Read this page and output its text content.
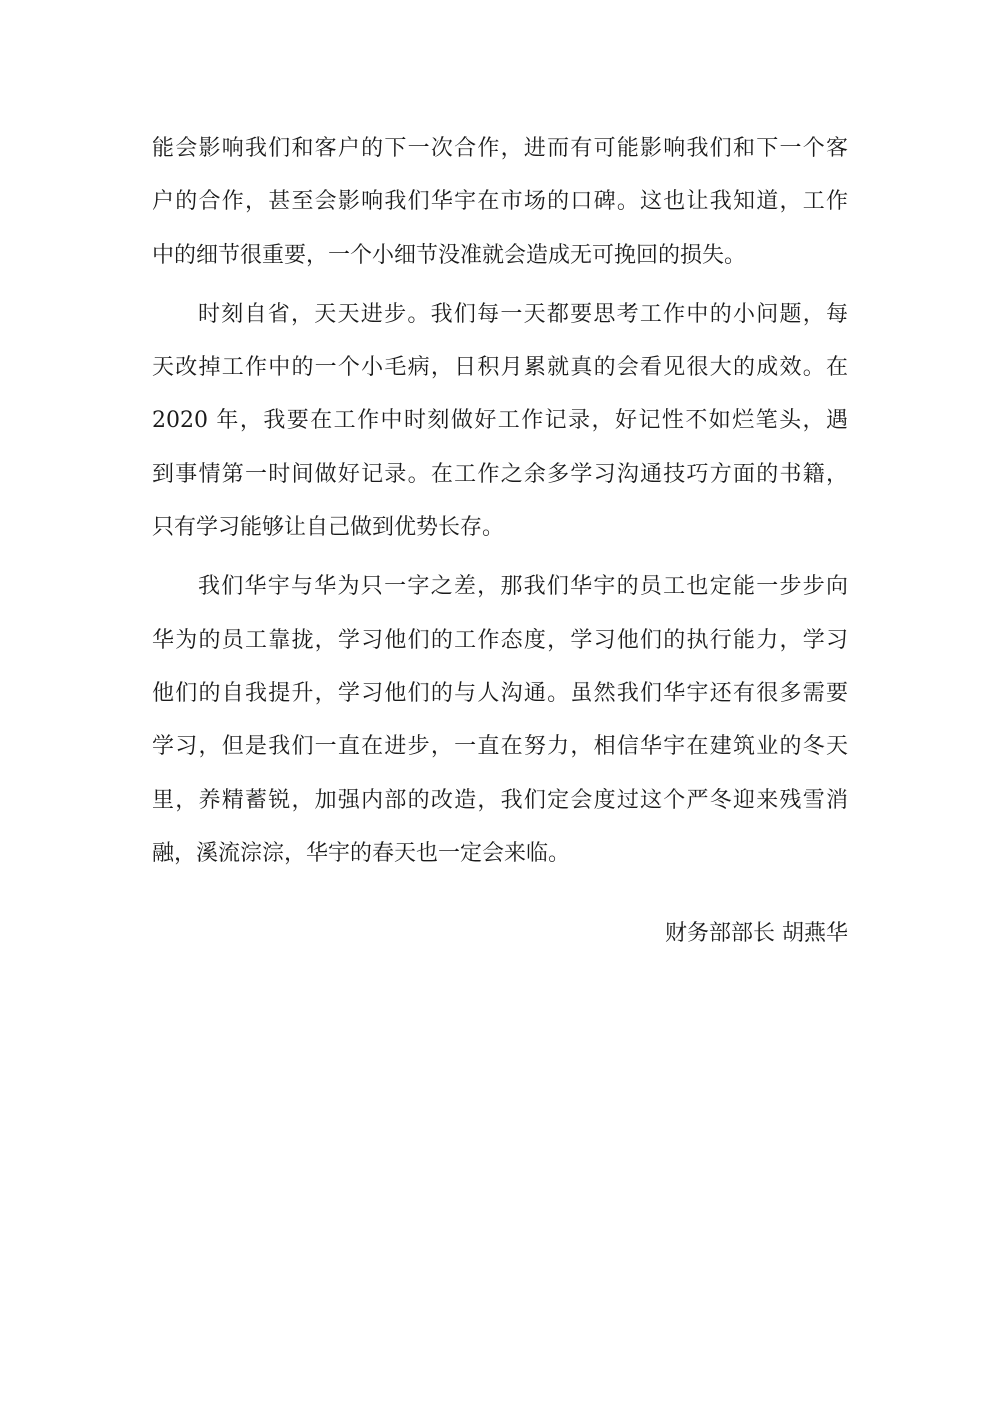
能会影响我们和客户的下一次合作，进而有可能影响我们和下一个客
户的合作，甚至会影响我们华宇在市场的口碑。这也让我知道，工作
中的细节很重要，一个小细节没准就会造成无可挽回的损失。
时刻自省，天天进步。我们每一天都要思考工作中的小问题，每
天改掉工作中的一个小毛病，日积月累就真的会看见很大的成效。在
2020 年，我要在工作中时刻做好工作记录，好记性不如烂笔头，遇
到事情第一时间做好记录。在工作之余多学习沟通技巧方面的书籍，
只有学习能够让自己做到优势长存。
我们华宇与华为只一字之差，那我们华宇的员工也定能一步步向
华为的员工靠拢，学习他们的工作态度，学习他们的执行能力，学习
他们的自我提升，学习他们的与人沟通。虽然我们华宇还有很多需要
学习，但是我们一直在进步，一直在努力，相信华宇在建筑业的冬天
里，养精蓄锐，加强内部的改造，我们定会度过这个严冬迎来残雪消
融，溪流淙淙，华宇的春天也一定会来临。
财务部部长 胡燕华
